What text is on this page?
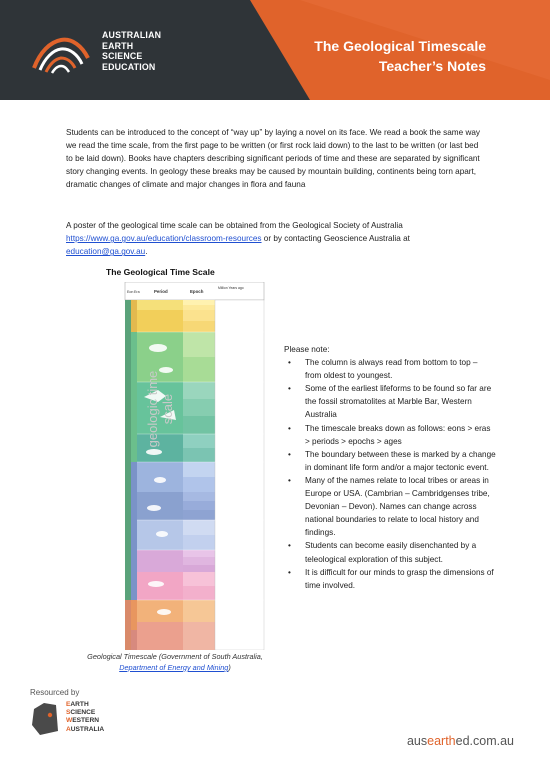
AUSTRALIAN
EARTH
SCIENCE
EDUCATION
The Geological Timescale
Teacher’s Notes

Students can be introduced to the concept of “way up” by laying a novel on its face. We read a book the same way we read the time scale, from the first page to be written (or first rock laid down) to the last to be written (or last bed to be laid down). Books have chapters describing significant periods of time and these are separated by significant story changing events. In geology these breaks may be caused by mountain building, continents being torn apart, dramatic changes of climate and major changes in flora and fauna

A poster of the geological time scale can be obtained from the Geological Society of Australia https://www.ga.gov.au/education/classroom-resources or by contacting Geoscience Australia at education@ga.gov.au.

The Geological Time Scale
geologic time scale
Eon Era	Period	Epoch
Million Years ago
Geological Timescale (Government of South Australia, Department of Energy and Mining)
Please note:
• The column is always read from bottom to top – from oldest to youngest.
• Some of the earliest lifeforms to be found so far are the fossil stromatolites at Marble Bar, Western Australia
• The timescale breaks down as follows: eons > eras > periods > epochs > ages
• The boundary between these is marked by a change in dominant life form and/or a major tectonic event.
• Many of the names relate to local tribes or areas in Europe or USA. (Cambrian – Cambridgenses tribe, Devonian – Devon). Names can change across national boundaries to relate to local history and findings.
• Students can become easily disenchanted by a teleological exploration of this subject.
• It is difficult for our minds to grasp the dimensions of time involved.
Resourced by
EARTH
SCIENCE
WESTERN
AUSTRALIA
ausearthed.com.au
